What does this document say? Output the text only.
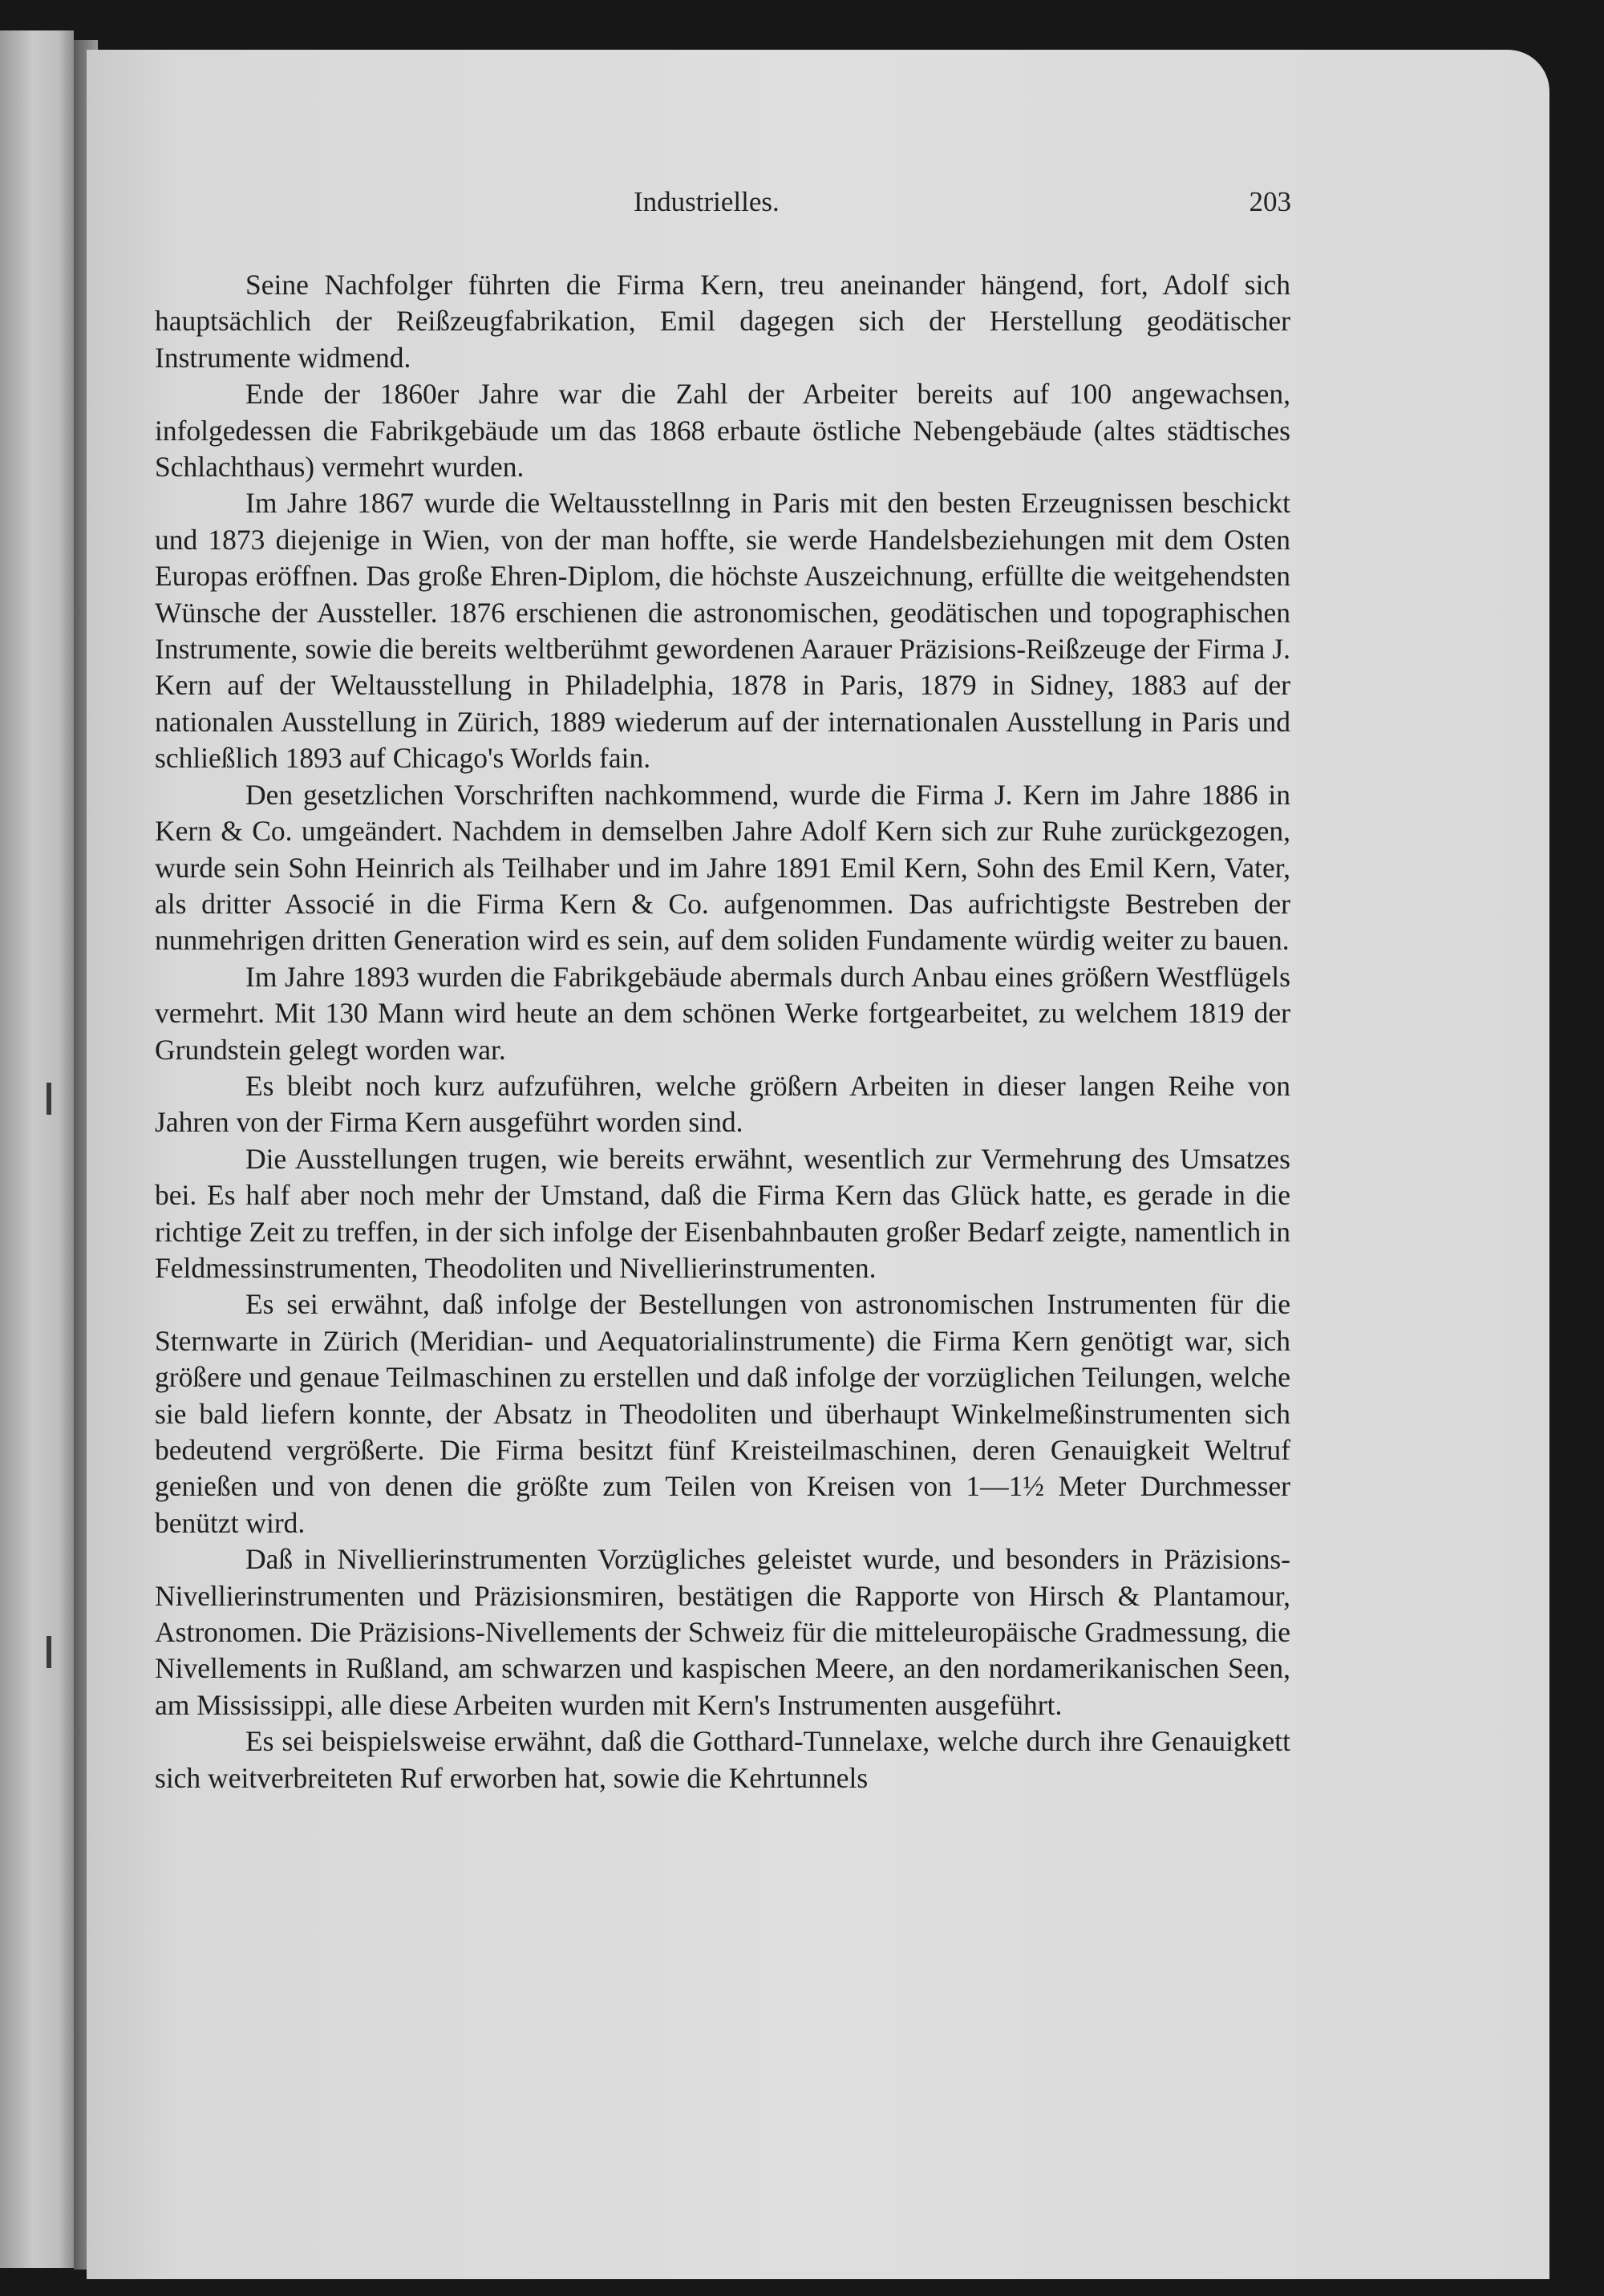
Industrielles.	203

Seine Nachfolger führten die Firma Kern, treu aneinander hängend, fort, Adolf sich hauptsächlich der Reißzeugfabrikation, Emil dagegen sich der Herstellung geodätischer Instrumente widmend.

Ende der 1860er Jahre war die Zahl der Arbeiter bereits auf 100 angewachsen, infolgedessen die Fabrikgebäude um das 1868 erbaute östliche Nebengebäude (altes städtisches Schlachthaus) vermehrt wurden.

Im Jahre 1867 wurde die Weltausstellnng in Paris mit den besten Erzeugnissen beschickt und 1873 diejenige in Wien, von der man hoffte, sie werde Handelsbeziehungen mit dem Osten Europas eröffnen. Das große Ehren-Diplom, die höchste Auszeichnung, erfüllte die weitgehendsten Wünsche der Aussteller. 1876 erschienen die astronomischen, geodätischen und topographischen Instrumente, sowie die bereits weltberühmt gewordenen Aarauer Präzisions-Reißzeuge der Firma J. Kern auf der Weltausstellung in Philadelphia, 1878 in Paris, 1879 in Sidney, 1883 auf der nationalen Ausstellung in Zürich, 1889 wiederum auf der internationalen Ausstellung in Paris und schließlich 1893 auf Chicago's Worlds fain.

Den gesetzlichen Vorschriften nachkommend, wurde die Firma J. Kern im Jahre 1886 in Kern & Co. umgeändert. Nachdem in demselben Jahre Adolf Kern sich zur Ruhe zurückgezogen, wurde sein Sohn Heinrich als Teilhaber und im Jahre 1891 Emil Kern, Sohn des Emil Kern, Vater, als dritter Associé in die Firma Kern & Co. aufgenommen. Das aufrichtigste Bestreben der nunmehrigen dritten Generation wird es sein, auf dem soliden Fundamente würdig weiter zu bauen.

Im Jahre 1893 wurden die Fabrikgebäude abermals durch Anbau eines größern Westflügels vermehrt. Mit 130 Mann wird heute an dem schönen Werke fortgearbeitet, zu welchem 1819 der Grundstein gelegt worden war.

Es bleibt noch kurz aufzuführen, welche größern Arbeiten in dieser langen Reihe von Jahren von der Firma Kern ausgeführt worden sind.

Die Ausstellungen trugen, wie bereits erwähnt, wesentlich zur Vermehrung des Umsatzes bei. Es half aber noch mehr der Umstand, daß die Firma Kern das Glück hatte, es gerade in die richtige Zeit zu treffen, in der sich infolge der Eisenbahnbauten großer Bedarf zeigte, namentlich in Feldmessinstrumenten, Theodoliten und Nivellierinstrumenten.

Es sei erwähnt, daß infolge der Bestellungen von astronomischen Instrumenten für die Sternwarte in Zürich (Meridian- und Aequatorialinstrumente) die Firma Kern genötigt war, sich größere und genaue Teilmaschinen zu erstellen und daß infolge der vorzüglichen Teilungen, welche sie bald liefern konnte, der Absatz in Theodoliten und überhaupt Winkelmeßinstrumenten sich bedeutend vergrößerte. Die Firma besitzt fünf Kreisteilmaschinen, deren Genauigkeit Weltruf genießen und von denen die größte zum Teilen von Kreisen von 1—1½ Meter Durchmesser benützt wird.

Daß in Nivellierinstrumenten Vorzügliches geleistet wurde, und besonders in Präzisions-Nivellierinstrumenten und Präzisionsmiren, bestätigen die Rapporte von Hirsch & Plantamour, Astronomen. Die Präzisions-Nivellements der Schweiz für die mitteleuropäische Gradmessung, die Nivellements in Rußland, am schwarzen und kaspischen Meere, an den nordamerikanischen Seen, am Mississippi, alle diese Arbeiten wurden mit Kern's Instrumenten ausgeführt.

Es sei beispielsweise erwähnt, daß die Gotthard-Tunnelaxe, welche durch ihre Genauigkett sich weitverbreiteten Ruf erworben hat, sowie die Kehrtunnels
